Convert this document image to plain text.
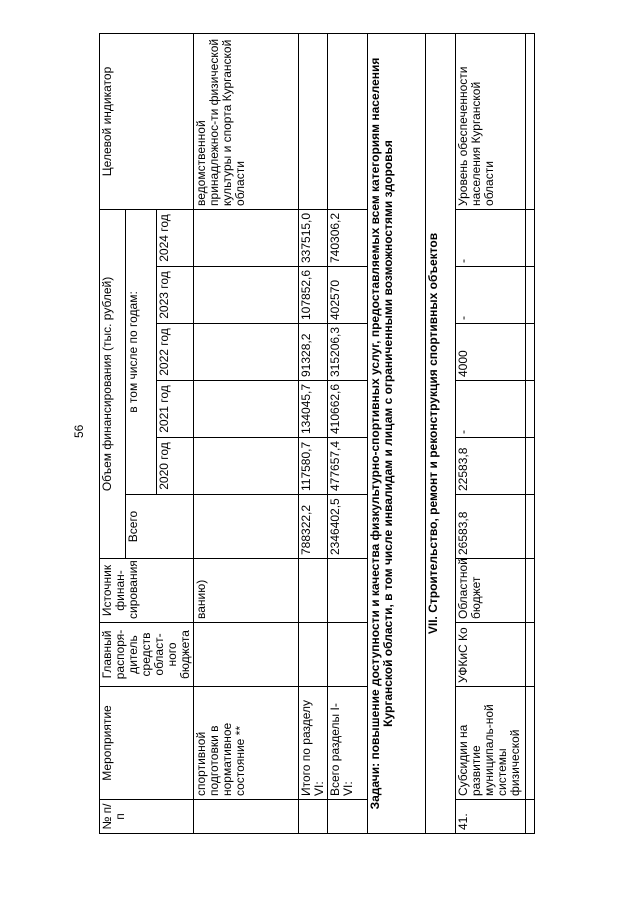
56
№ п/п	Мероприятие	Главный распоря-дитель средств област-ного бюджета	Источник финан-сирования	Объем финансирования (тыс. рублей)						Целевой индикатор
				Всего	в том числе по годам:					
					2020 год	2021 год	2022 год	2023 год	2024 год	
	спортивной подготовки в нормативное состояние **		ванию)							ведомственной принадлежнос-ти физической культуры и спорта Курганской области
	Итого по разделу VI:			788322,2	117580,7	134045,7	91328,2	107852,6	337515,0	
	Всего разделы I-VI:			2346402,5	477657,4	410662,6	315206,3	402570	740306,2	
Задачи: повышение доступности и качества физкультурно-спортивных услуг, предоставляемых всем категориям населения Курганской области, в том числе инвалидам и лицам с ограниченными возможностями здоровья										
VII. Строительство, ремонт и реконструкция спортивных объектов										
41.	Субсидии на развитие муниципаль-ной системы физической	УФКиС Ко	Областной бюджет	26583,8	22583,8	-	4000	-	-	Уровень обеспеченности населения Курганской области
